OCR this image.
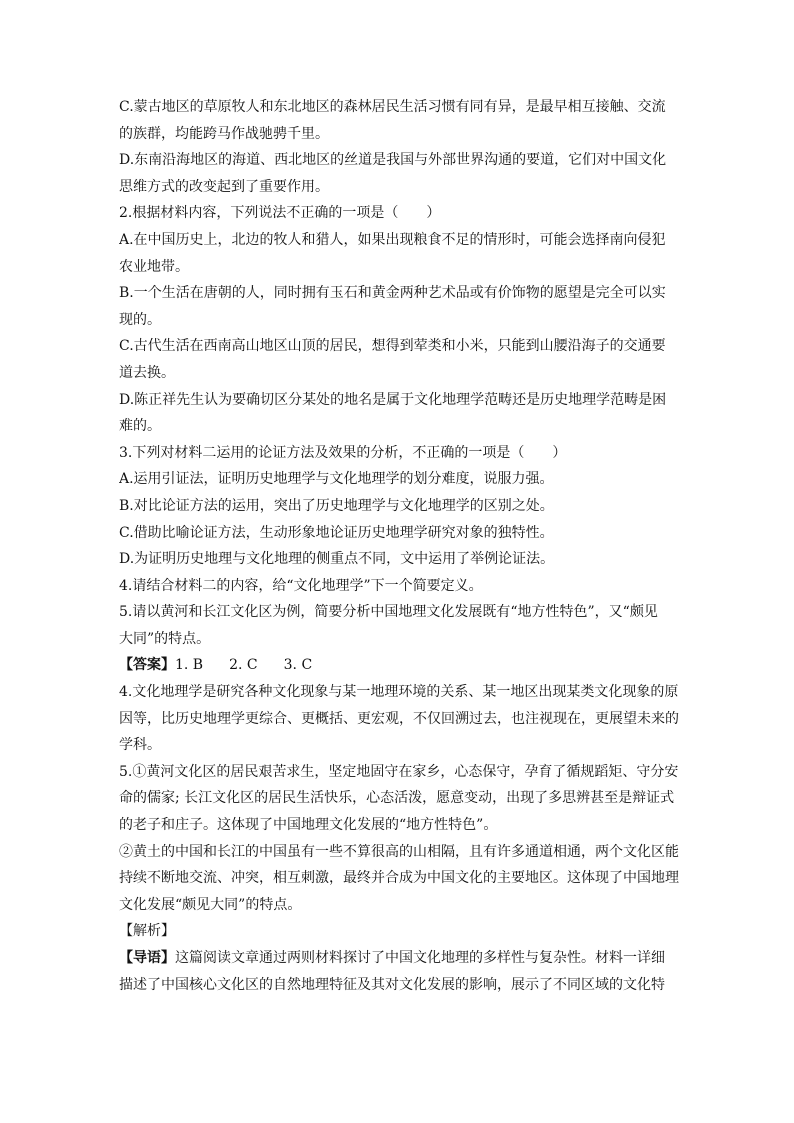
C.蒙古地区的草原牧人和东北地区的森林居民生活习惯有同有异，是最早相互接触、交流
的族群，均能跨马作战驰骋千里。
D.东南沿海地区的海道、西北地区的丝道是我国与外部世界沟通的要道，它们对中国文化
思维方式的改变起到了重要作用。
2.根据材料内容，下列说法不正确的一项是（　　）
A.在中国历史上，北边的牧人和猎人，如果出现粮食不足的情形时，可能会选择南向侵犯
农业地带。
B.一个生活在唐朝的人，同时拥有玉石和黄金两种艺术品或有价饰物的愿望是完全可以实
现的。
C.古代生活在西南高山地区山顶的居民，想得到荤类和小米，只能到山腰沿海子的交通要
道去换。
D.陈正祥先生认为要确切区分某处的地名是属于文化地理学范畴还是历史地理学范畴是困
难的。
3.下列对材料二运用的论证方法及效果的分析，不正确的一项是（　　）
A.运用引证法，证明历史地理学与文化地理学的划分难度，说服力强。
B.对比论证方法的运用，突出了历史地理学与文化地理学的区别之处。
C.借助比喻论证方法，生动形象地论证历史地理学研究对象的独特性。
D.为证明历史地理与文化地理的侧重点不同，文中运用了举例论证法。
4.请结合材料二的内容，给“文化地理学”下一个简要定义。
5.请以黄河和长江文化区为例，简要分析中国地理文化发展既有“地方性特色”，又“颇见
大同”的特点。
【答案】1. B 2. C 3. C
4.文化地理学是研究各种文化现象与某一地理环境的关系、某一地区出现某类文化现象的原
因等，比历史地理学更综合、更概括、更宏观，不仅回溯过去，也注视现在，更展望未来的
学科。
5.①黄河文化区的居民艰苦求生，坚定地固守在家乡，心态保守，孕育了循规蹈矩、守分安
命的儒家; 长江文化区的居民生活快乐，心态活泼，愿意变动，出现了多思辨甚至是辩证式
的老子和庄子。这体现了中国地理文化发展的“地方性特色”。
②黄土的中国和长江的中国虽有一些不算很高的山相隔，且有许多通道相通，两个文化区能
持续不断地交流、冲突，相互刺激，最终并合成为中国文化的主要地区。这体现了中国地理
文化发展“颇见大同”的特点。
【解析】
【导语】这篇阅读文章通过两则材料探讨了中国文化地理的多样性与复杂性。材料一详细
描述了中国核心文化区的自然地理特征及其对文化发展的影响，展示了不同区域的文化特
